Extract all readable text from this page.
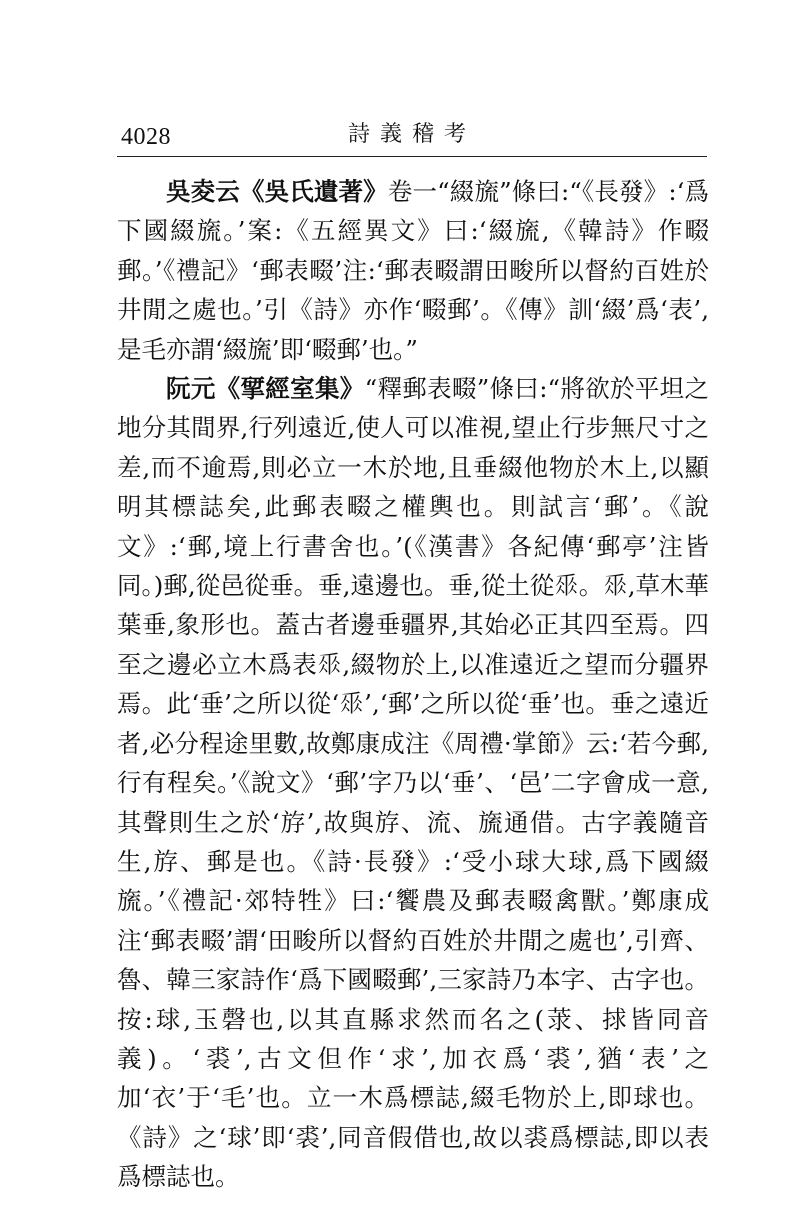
4028	詩義稽考

吳夌云《吳氏遺著》卷一“綴旒”條曰:“《長發》:‘爲下國綴旒。’案:《五經異文》曰:‘綴旒,《韓詩》作畷郵。’《禮記》‘郵表畷’注:‘郵表畷謂田畯所以督約百姓於井閒之處也。’引《詩》亦作‘畷郵’。《傳》訓‘綴’爲‘表’,是毛亦謂‘綴旒’即‘畷郵’也。”

阮元《揅經室集》“釋郵表畷”條曰:“將欲於平坦之地分其間界,行列遠近,使人可以准視,望止行步無尺寸之差,而不逾焉,則必立一木於地,且垂綴他物於木上,以顯明其標誌矣,此郵表畷之權輿也。則試言‘郵’。《說文》:‘郵,境上行書舍也。’(《漢書》各紀傳‘郵亭’注皆同。)郵,從邑從垂。垂,遠邊也。垂,從土從𠂹。𠂹,草木華葉垂,象形也。蓋古者邊垂疆界,其始必正其四至焉。四至之邊必立木爲表𠂹,綴物於上,以准遠近之望而分疆界焉。此‘垂’之所以從‘𠂹’,‘郵’之所以從‘垂’也。垂之遠近者,必分程途里數,故鄭康成注《周禮·掌節》云:‘若今郵,行有程矣。’《說文》‘郵’字乃以‘垂’、‘邑’二字會成一意,其聲則生之於‘斿’,故與斿、流、旒通借。古字義隨音生,斿、郵是也。《詩·長發》:‘受小球大球,爲下國綴旒。’《禮記·郊特牲》曰:‘饗農及郵表畷禽獸。’鄭康成注‘郵表畷’謂‘田畯所以督約百姓於井閒之處也’,引齊、魯、韓三家詩作‘爲下國畷郵’,三家詩乃本字、古字也。按:球,玉磬也,以其直縣求然而名之(莍、捄皆同音義)。‘裘’,古文但作‘求’,加衣爲‘裘’,猶‘表’之加‘衣’于‘毛’也。立一木爲標誌,綴毛物於上,即球也。《詩》之‘球’即‘裘’,同音假借也,故以裘爲標誌,即以表爲標誌也。
